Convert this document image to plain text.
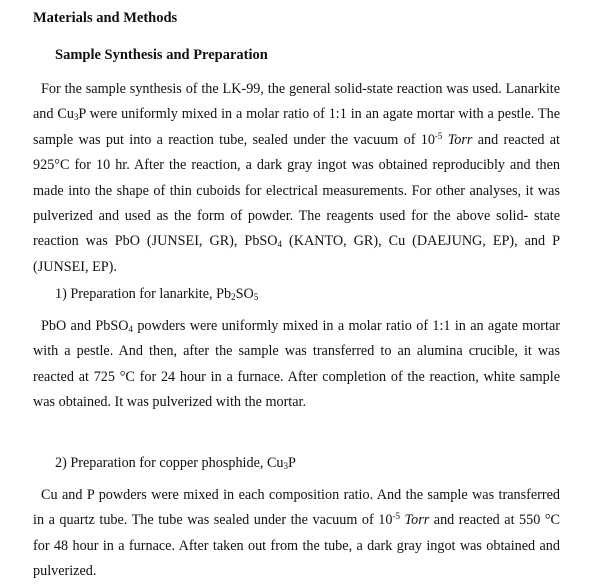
Materials and Methods
Sample Synthesis and Preparation

For the sample synthesis of the LK-99, the general solid-state reaction was used. Lanarkite and $Cu_3P$ were uniformly mixed in a molar ratio of 1:1 in an agate mortar with a pestle. The sample was put into a reaction tube, sealed under the vacuum of $10^{-5}$ Torr and reacted at 925°C for 10 hr. After the reaction, a dark gray ingot was obtained reproducibly and then made into the shape of thin cuboids for electrical measurements. For other analyses, it was pulverized and used as the form of powder. The reagents used for the above solid- state reaction was PbO (JUNSEI, GR), PbSO$_4$ (KANTO, GR), Cu (DAEJUNG, EP), and P (JUNSEI, EP).

1) Preparation for lanarkite, $Pb_2SO_5$

PbO and PbSO$_4$ powders were uniformly mixed in a molar ratio of 1:1 in an agate mortar with a pestle. And then, after the sample was transferred to an alumina crucible, it was reacted at 725 °C for 24 hour in a furnace. After completion of the reaction, white sample was obtained. It was pulverized with the mortar.

2) Preparation for copper phosphide, $Cu_3P$

Cu and P powders were mixed in each composition ratio. And the sample was transferred in a quartz tube. The tube was sealed under the vacuum of $10^{-5}$ Torr and reacted at 550 °C for 48 hour in a furnace. After taken out from the tube, a dark gray ingot was obtained and pulverized.
